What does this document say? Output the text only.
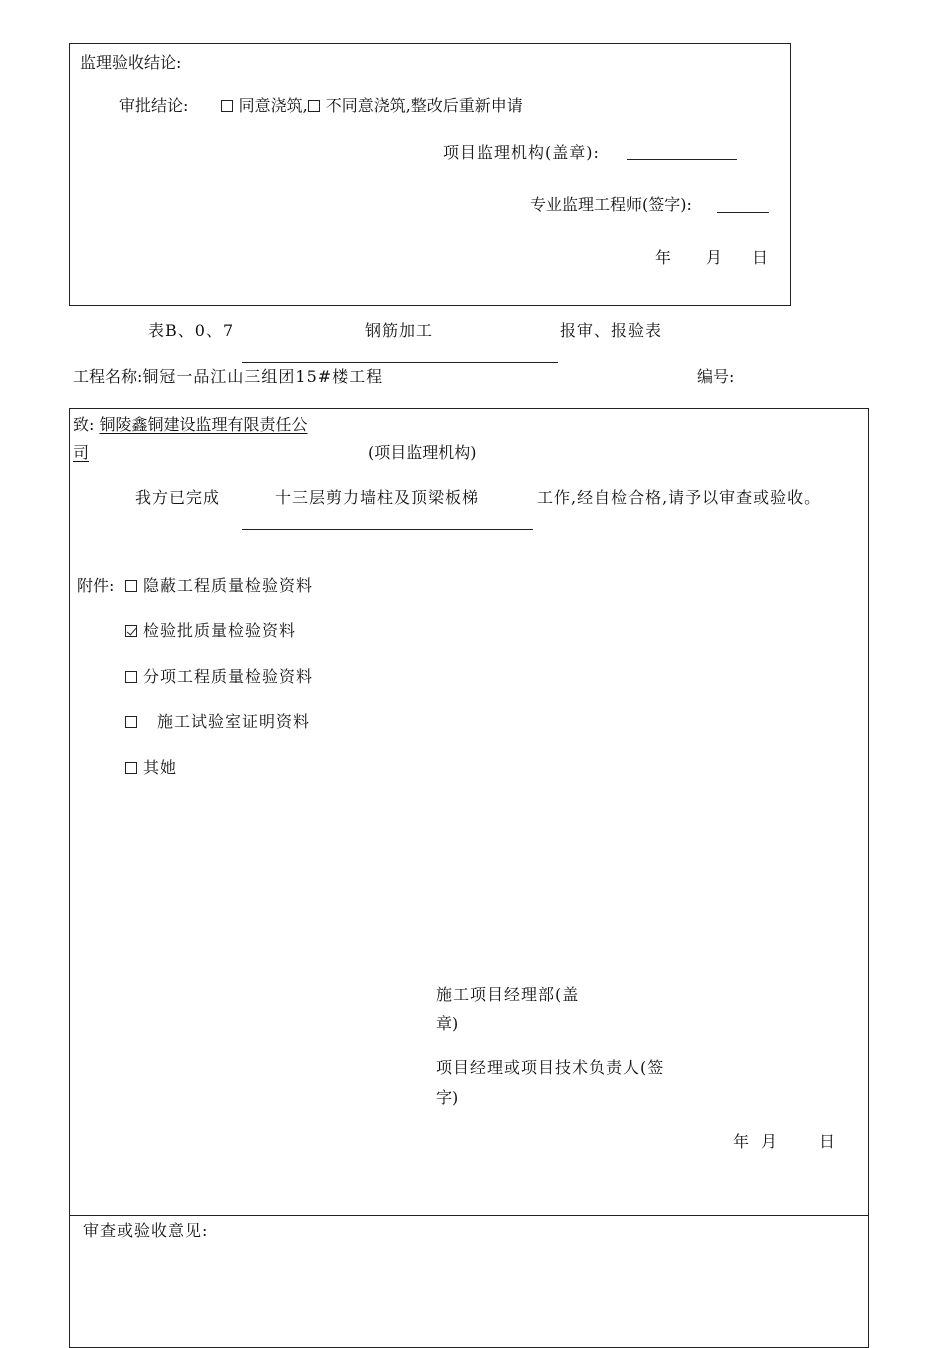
监理验收结论:
审批结论:	同意浇筑, 不同意浇筑,整改后重新申请
项目监理机构(盖章):
专业监理工程师(签字):
年 月 日
表B、0、7	钢筋加工	报审、报验表
工程名称:铜冠一品江山三组团15#楼工程	编号:
致: 铜陵鑫铜建设监理有限责任公
司	(项目监理机构)
我方已完成	十三层剪力墙柱及顶梁板梯	工作,经自检合格,请予以审查或验收。
附件:	隐蔽工程质量检验资料
检验批质量检验资料
分项工程质量检验资料
施工试验室证明资料
其她
施工项目经理部(盖
章)
项目经理或项目技术负责人(签
字)
年 月	日
审查或验收意见:
